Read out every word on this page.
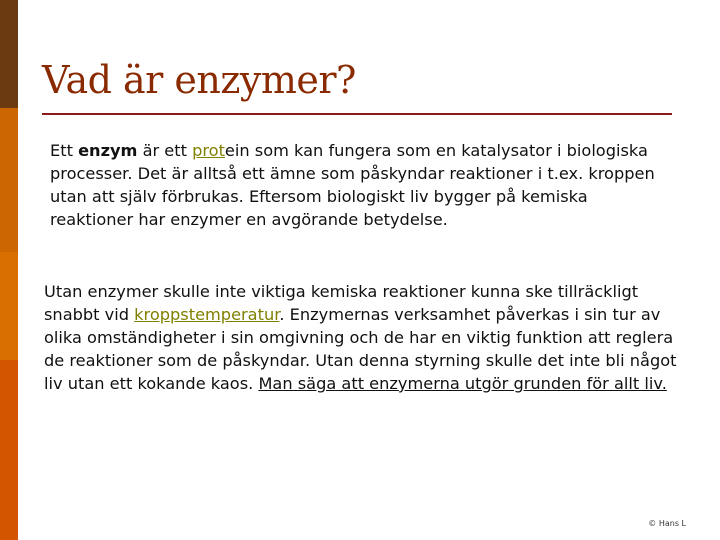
Vad är enzymer?

Ett enzym är ett protein som kan fungera som en katalysator i biologiska processer. Det är alltså ett ämne som påskyndar reaktioner i t.ex. kroppen utan att själv förbrukas. Eftersom biologiskt liv bygger på kemiska reaktioner har enzymer en avgörande betydelse.

Utan enzymer skulle inte viktiga kemiska reaktioner kunna ske tillräckligt snabbt vid kroppstemperatur. Enzymernas verksamhet påverkas i sin tur av olika omständigheter i sin omgivning och de har en viktig funktion att reglera de reaktioner som de påskyndar. Utan denna styrning skulle det inte bli något liv utan ett kokande kaos. Man säga att enzymerna utgör grunden för allt liv.

© Hans L
